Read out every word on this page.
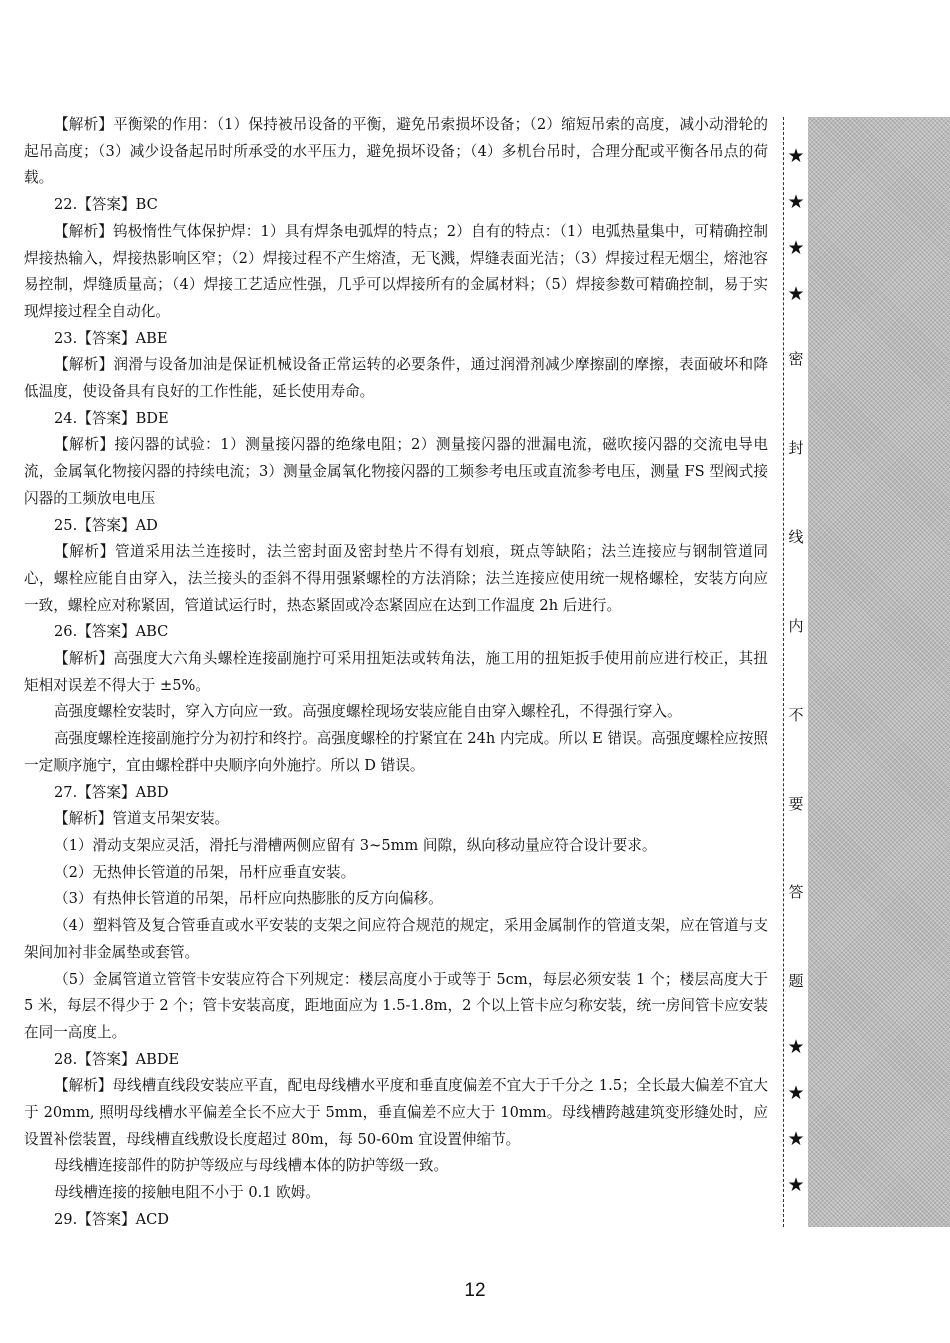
【解析】平衡梁的作用：（1）保持被吊设备的平衡，避免吊索损坏设备；（2）缩短吊索的高度，减小动滑轮的起吊高度；（3）减少设备起吊时所承受的水平压力，避免损坏设备；（4）多机台吊时，合理分配或平衡各吊点的荷载。

22.【答案】BC

【解析】钨极惰性气体保护焊：1）具有焊条电弧焊的特点；2）自有的特点：（1）电弧热量集中，可精确控制焊接热输入，焊接热影响区窄；（2）焊接过程不产生熔渣，无飞溅，焊缝表面光洁；（3）焊接过程无烟尘，熔池容易控制，焊缝质量高；（4）焊接工艺适应性强，几乎可以焊接所有的金属材料；（5）焊接参数可精确控制，易于实现焊接过程全自动化。

23.【答案】ABE

【解析】润滑与设备加油是保证机械设备正常运转的必要条件，通过润滑剂减少摩擦副的摩擦，表面破坏和降低温度，使设备具有良好的工作性能，延长使用寿命。

24.【答案】BDE

【解析】接闪器的试验：1）测量接闪器的绝缘电阻；2）测量接闪器的泄漏电流，磁吹接闪器的交流电导电流，金属氧化物接闪器的持续电流；3）测量金属氧化物接闪器的工频参考电压或直流参考电压，测量 FS 型阀式接闪器的工频放电电压

25.【答案】AD

【解析】管道采用法兰连接时，法兰密封面及密封垫片不得有划痕，斑点等缺陷；法兰连接应与钢制管道同心，螺栓应能自由穿入，法兰接头的歪斜不得用强紧螺栓的方法消除；法兰连接应使用统一规格螺栓，安装方向应一致，螺栓应对称紧固，管道试运行时，热态紧固或冷态紧固应在达到工作温度 2h 后进行。

26.【答案】ABC

【解析】高强度大六角头螺栓连接副施拧可采用扭矩法或转角法，施工用的扭矩扳手使用前应进行校正，其扭矩相对误差不得大于 ±5%。

高强度螺栓安装时，穿入方向应一致。高强度螺栓现场安装应能自由穿入螺栓孔，不得强行穿入。

高强度螺栓连接副施拧分为初拧和终拧。高强度螺栓的拧紧宜在 24h 内完成。所以 E 错误。高强度螺栓应按照一定顺序施宁，宜由螺栓群中央顺序向外施拧。所以 D 错误。

27.【答案】ABD

【解析】管道支吊架安装。

（1）滑动支架应灵活，滑托与滑槽两侧应留有 3~5mm 间隙，纵向移动量应符合设计要求。

（2）无热伸长管道的吊架，吊杆应垂直安装。

（3）有热伸长管道的吊架，吊杆应向热膨胀的反方向偏移。

（4）塑料管及复合管垂直或水平安装的支架之间应符合规范的规定，采用金属制作的管道支架，应在管道与支架间加衬非金属垫或套管。

（5）金属管道立管管卡安装应符合下列规定：楼层高度小于或等于 5cm，每层必须安装 1 个；楼层高度大于 5 米，每层不得少于 2 个；管卡安装高度，距地面应为 1.5-1.8m，2 个以上管卡应匀称安装，统一房间管卡应安装在同一高度上。

28.【答案】ABDE

【解析】母线槽直线段安装应平直，配电母线槽水平度和垂直度偏差不宜大于千分之 1.5；全长最大偏差不宜大于 20mm, 照明母线槽水平偏差全长不应大于 5mm，垂直偏差不应大于 10mm。母线槽跨越建筑变形缝处时，应设置补偿装置，母线槽直线敷设长度超过 80m，每 50-60m 宜设置伸缩节。

母线槽连接部件的防护等级应与母线槽本体的防护等级一致。

母线槽连接的接触电阻不小于 0.1 欧姆。

29.【答案】ACD

★
★
★
★
密
封
线
内
不
要
答
题
★
★
★
★
12
